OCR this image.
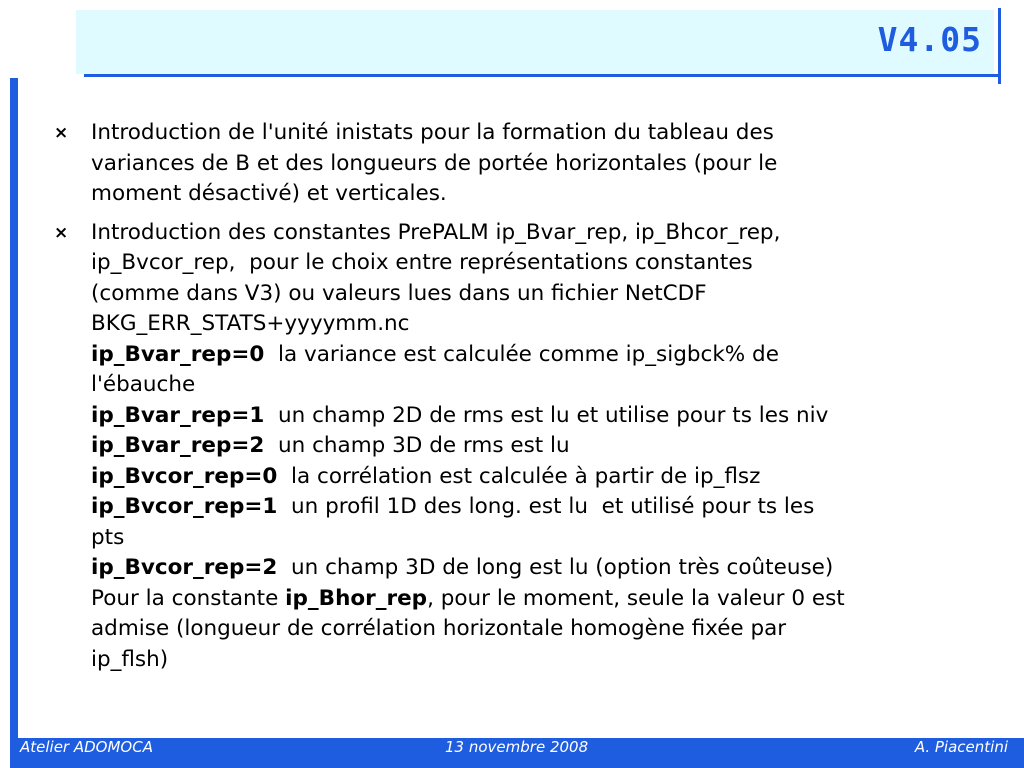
V4.05
× Introduction de l'unité inistats pour la formation du tableau des
variances de B et des longueurs de portée horizontales (pour le
moment désactivé) et verticales.
× Introduction des constantes PrePALM ip_Bvar_rep, ip_Bhcor_rep,
ip_Bvcor_rep,  pour le choix entre représentations constantes
(comme dans V3) ou valeurs lues dans un fichier NetCDF
BKG_ERR_STATS+yyyymm.nc
ip_Bvar_rep=0  la variance est calculée comme ip_sigbck% de
l'ébauche
ip_Bvar_rep=1  un champ 2D de rms est lu et utilise pour ts les niv
ip_Bvar_rep=2  un champ 3D de rms est lu
ip_Bvcor_rep=0  la corrélation est calculée à partir de ip_flsz
ip_Bvcor_rep=1  un profil 1D des long. est lu  et utilisé pour ts les
pts
ip_Bvcor_rep=2  un champ 3D de long est lu (option très coûteuse)
Pour la constante ip_Bhor_rep, pour le moment, seule la valeur 0 est
admise (longueur de corrélation horizontale homogène fixée par
ip_flsh)
Atelier ADOMOCA	13 novembre 2008	A. Piacentini
